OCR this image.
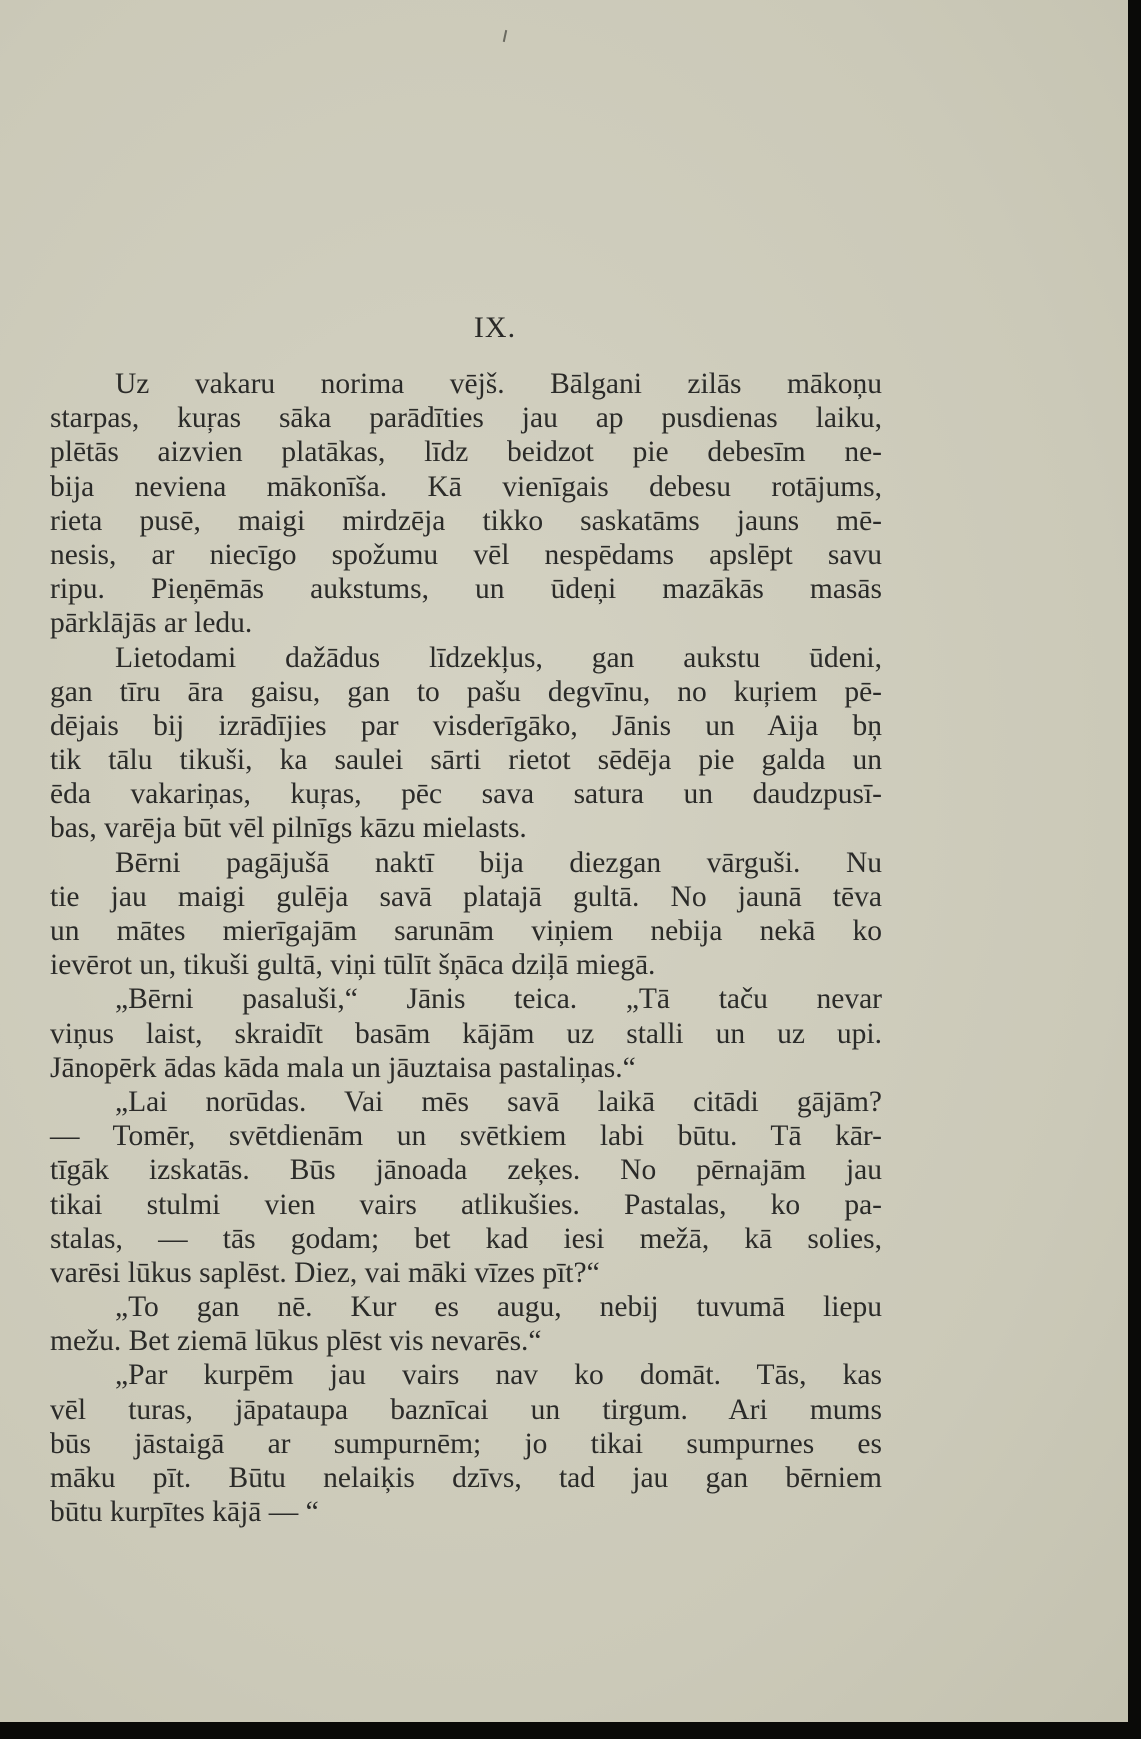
IX.
Uz vakaru norima vējš. Bālgani zilās mākoņu
starpas, kuŗas sāka parādīties jau ap pusdienas laiku,
plētās aizvien platākas, līdz beidzot pie debesīm ne-
bija neviena mākonīša. Kā vienīgais debesu rotājums,
rieta pusē, maigi mirdzēja tikko saskatāms jauns mē-
nesis, ar niecīgo spožumu vēl nespēdams apslēpt savu
ripu. Pieņēmās aukstums, un ūdeņi mazākās masās
pārklājās ar ledu.
Lietodami dažādus līdzekļus, gan aukstu ūdeni,
gan tīru āra gaisu, gan to pašu degvīnu, no kuŗiem pē-
dējais bij izrādījies par visderīgāko, Jānis un Aija bņ
tik tālu tikuši, ka saulei sārti rietot sēdēja pie galda un
ēda vakariņas, kuŗas, pēc sava satura un daudzpusī-
bas, varēja būt vēl pilnīgs kāzu mielasts.
Bērni pagājušā naktī bija diezgan vārguši. Nu
tie jau maigi gulēja savā platajā gultā. No jaunā tēva
un mātes mierīgajām sarunām viņiem nebija nekā ko
ievērot un, tikuši gultā, viņi tūlīt šņāca dziļā miegā.
„Bērni pasaluši,“ Jānis teica. „Tā taču nevar
viņus laist, skraidīt basām kājām uz stalli un uz upi.
Jānopērk ādas kāda mala un jāuztaisa pastaliņas.“
„Lai norūdas. Vai mēs savā laikā citādi gājām?
— Tomēr, svētdienām un svētkiem labi būtu. Tā kār-
tīgāk izskatās. Būs jānoada zeķes. No pērnajām jau
tikai stulmi vien vairs atlikušies. Pastalas, ko pa-
stalas, — tās godam; bet kad iesi mežā, kā solies,
varēsi lūkus saplēst. Diez, vai māki vīzes pīt?“
„To gan nē. Kur es augu, nebij tuvumā liepu
mežu. Bet ziemā lūkus plēst vis nevarēs.“
„Par kurpēm jau vairs nav ko domāt. Tās, kas
vēl turas, jāpataupa baznīcai un tirgum. Ari mums
būs jāstaigā ar sumpurnēm; jo tikai sumpurnes es
māku pīt. Būtu nelaiķis dzīvs, tad jau gan bērniem
būtu kurpītes kājā — “
